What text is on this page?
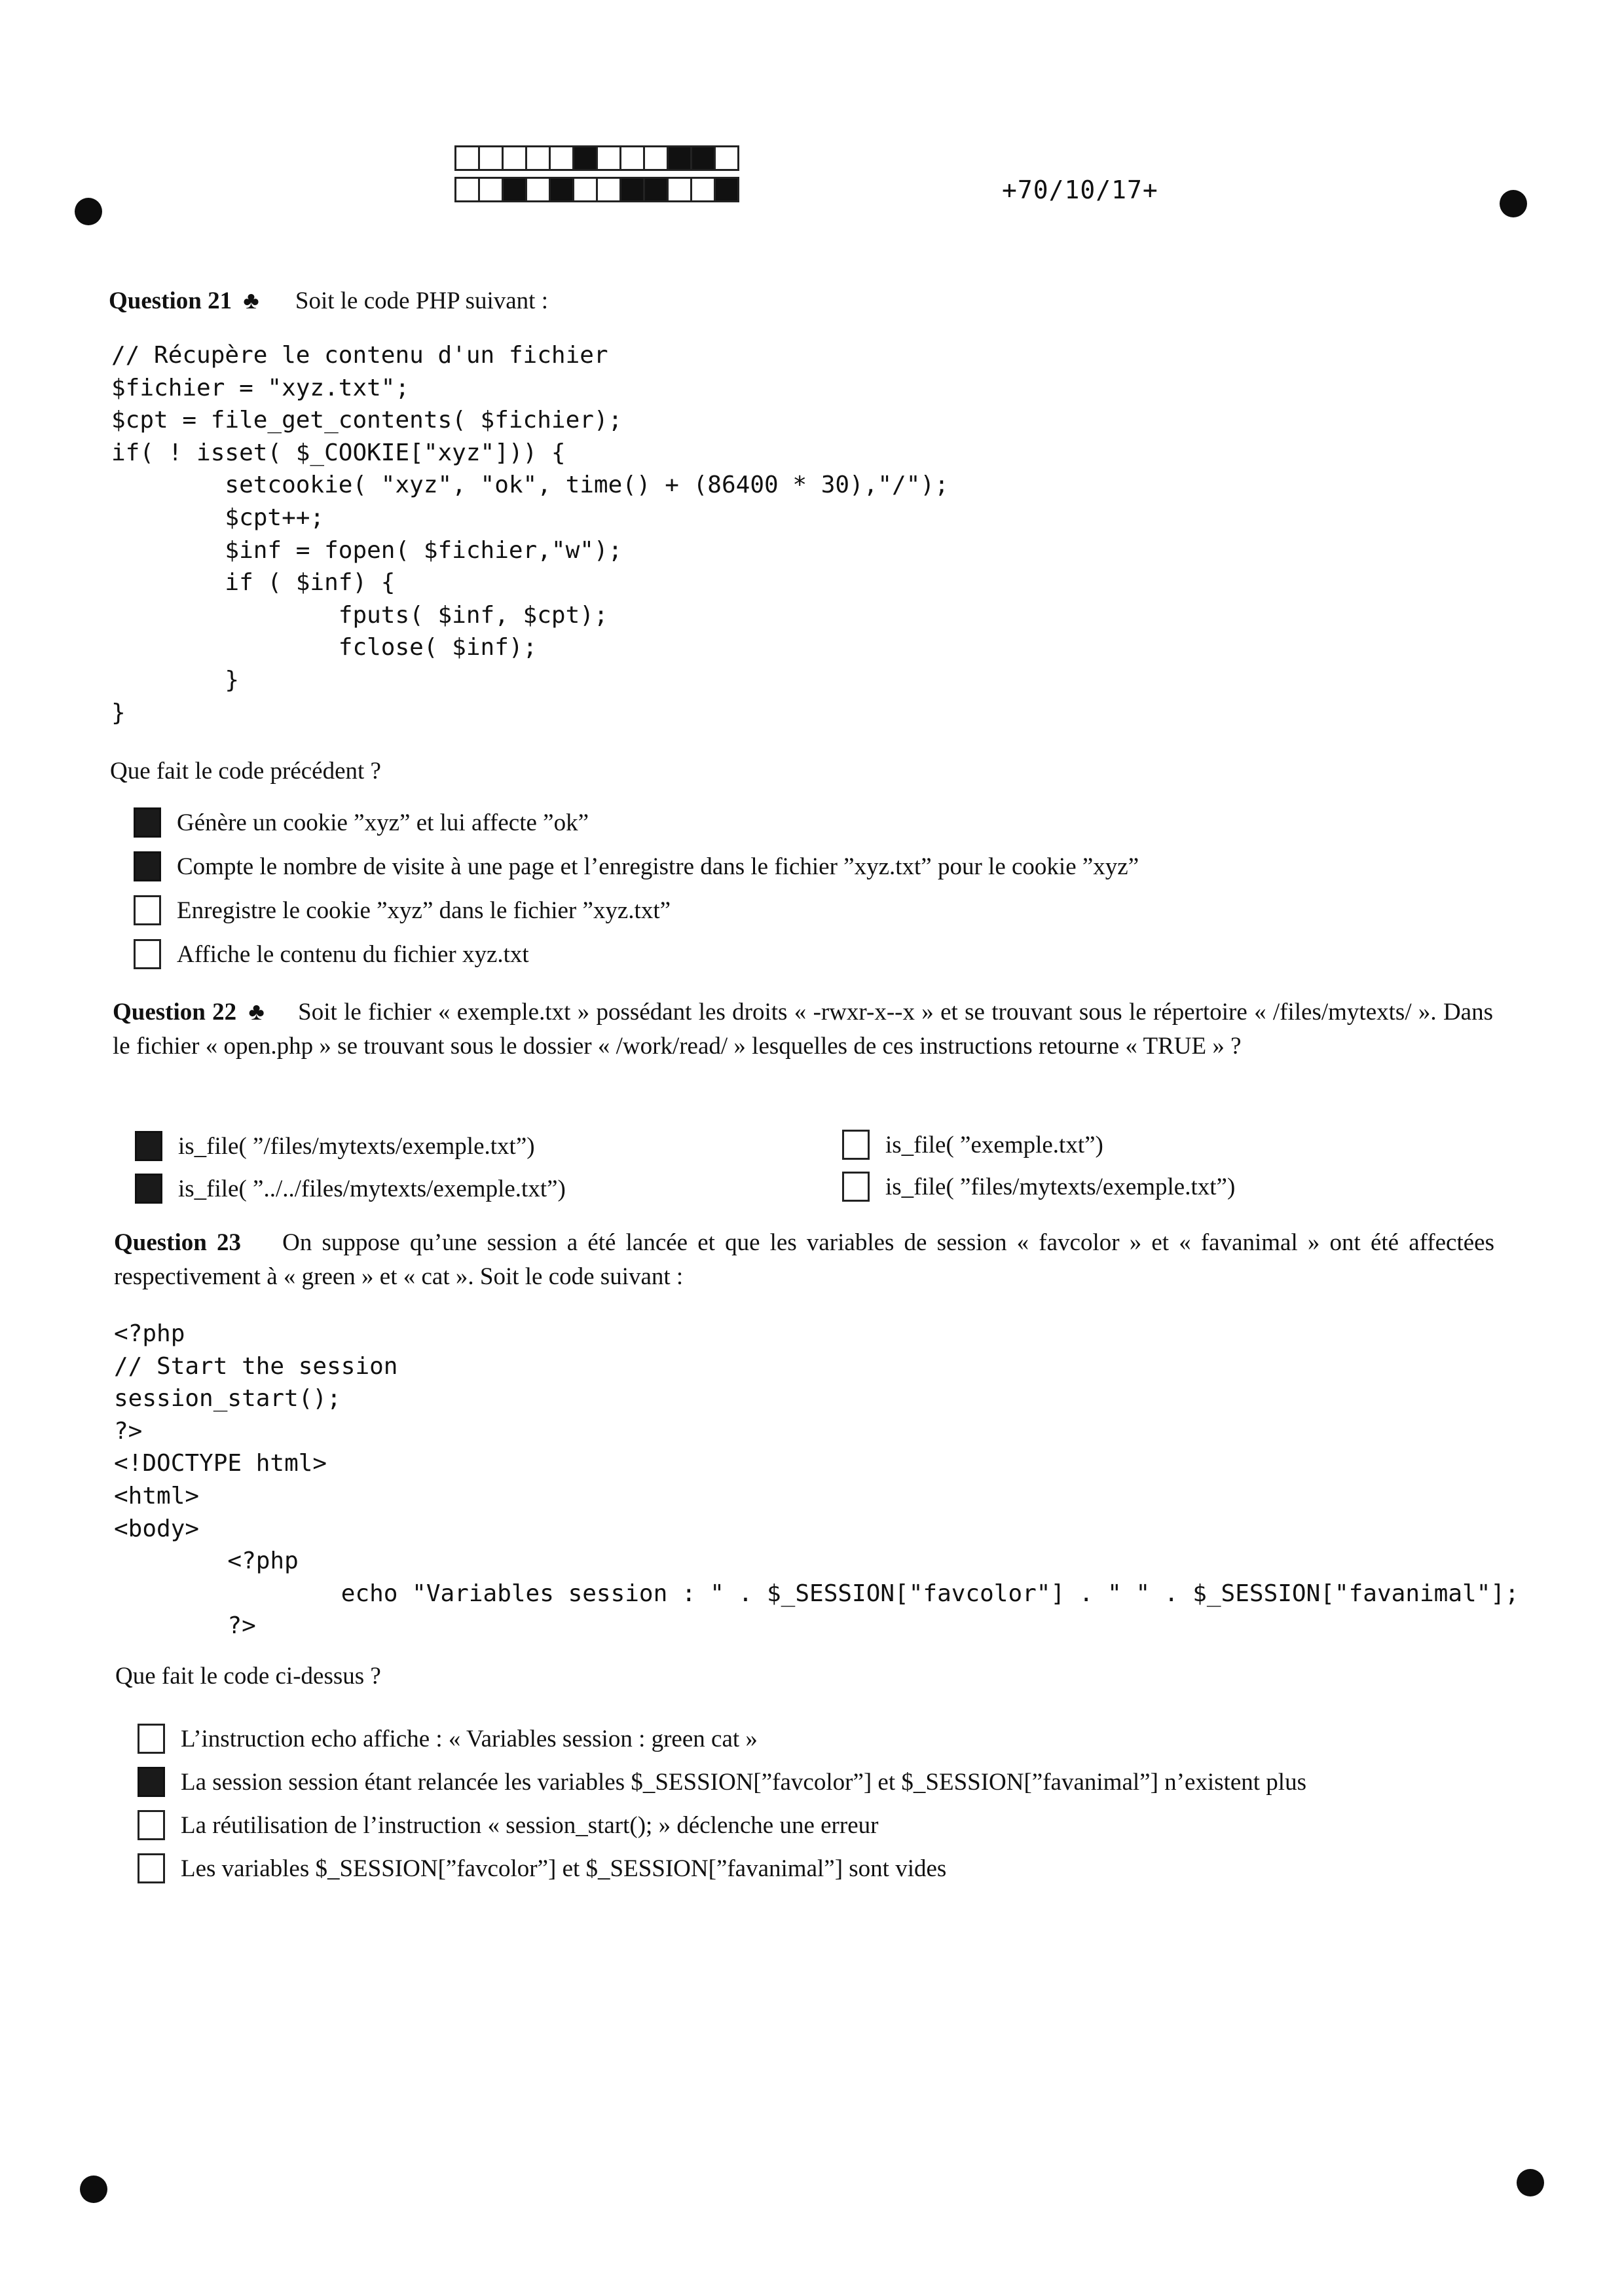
+70/10/17+
Question 21 ♣ Soit le code PHP suivant :
// Récupère le contenu d'un fichier
$fichier = "xyz.txt";
$cpt = file_get_contents( $fichier);
if( ! isset( $_COOKIE["xyz"])) {
setcookie( "xyz", "ok", time() + (86400 * 30),"/");
$cpt++;
$inf = fopen( $fichier,"w");
if ( $inf) {
fputs( $inf, $cpt);
fclose( $inf);
}
}
Que fait le code précédent ?
Génère un cookie ”xyz” et lui affecte ”ok”
Compte le nombre de visite à une page et l’enregistre dans le fichier ”xyz.txt” pour le cookie ”xyz”
Enregistre le cookie ”xyz” dans le fichier ”xyz.txt”
Affiche le contenu du fichier xyz.txt
Question 22 ♣ Soit le fichier « exemple.txt » possédant les droits « -rwxr-x--x » et se trouvant sous le répertoire « /files/mytexts/ ». Dans le fichier « open.php » se trouvant sous le dossier « /work/read/ » lesquelles de ces instructions retourne « TRUE » ?
is_file( ”/files/mytexts/exemple.txt”)
is_file( ”../../files/mytexts/exemple.txt”)
is_file( ”exemple.txt”)
is_file( ”files/mytexts/exemple.txt”)
Question 23 On suppose qu’une session a été lancée et que les variables de session « favcolor » et « favanimal » ont été affectées respectivement à « green » et « cat ». Soit le code suivant :
<?php
// Start the session
session_start();
?>
<!DOCTYPE html>
<html>
<body>
<?php
echo "Variables session : " . $_SESSION["favcolor"] . " " . $_SESSION["favanimal"];
?>
Que fait le code ci-dessus ?
L’instruction echo affiche : « Variables session : green cat »
La session session étant relancée les variables $_SESSION[”favcolor”] et $_SESSION[”favanimal”] n’existent plus
La réutilisation de l’instruction « session_start(); » déclenche une erreur
Les variables $_SESSION[”favcolor”] et $_SESSION[”favanimal”] sont vides
